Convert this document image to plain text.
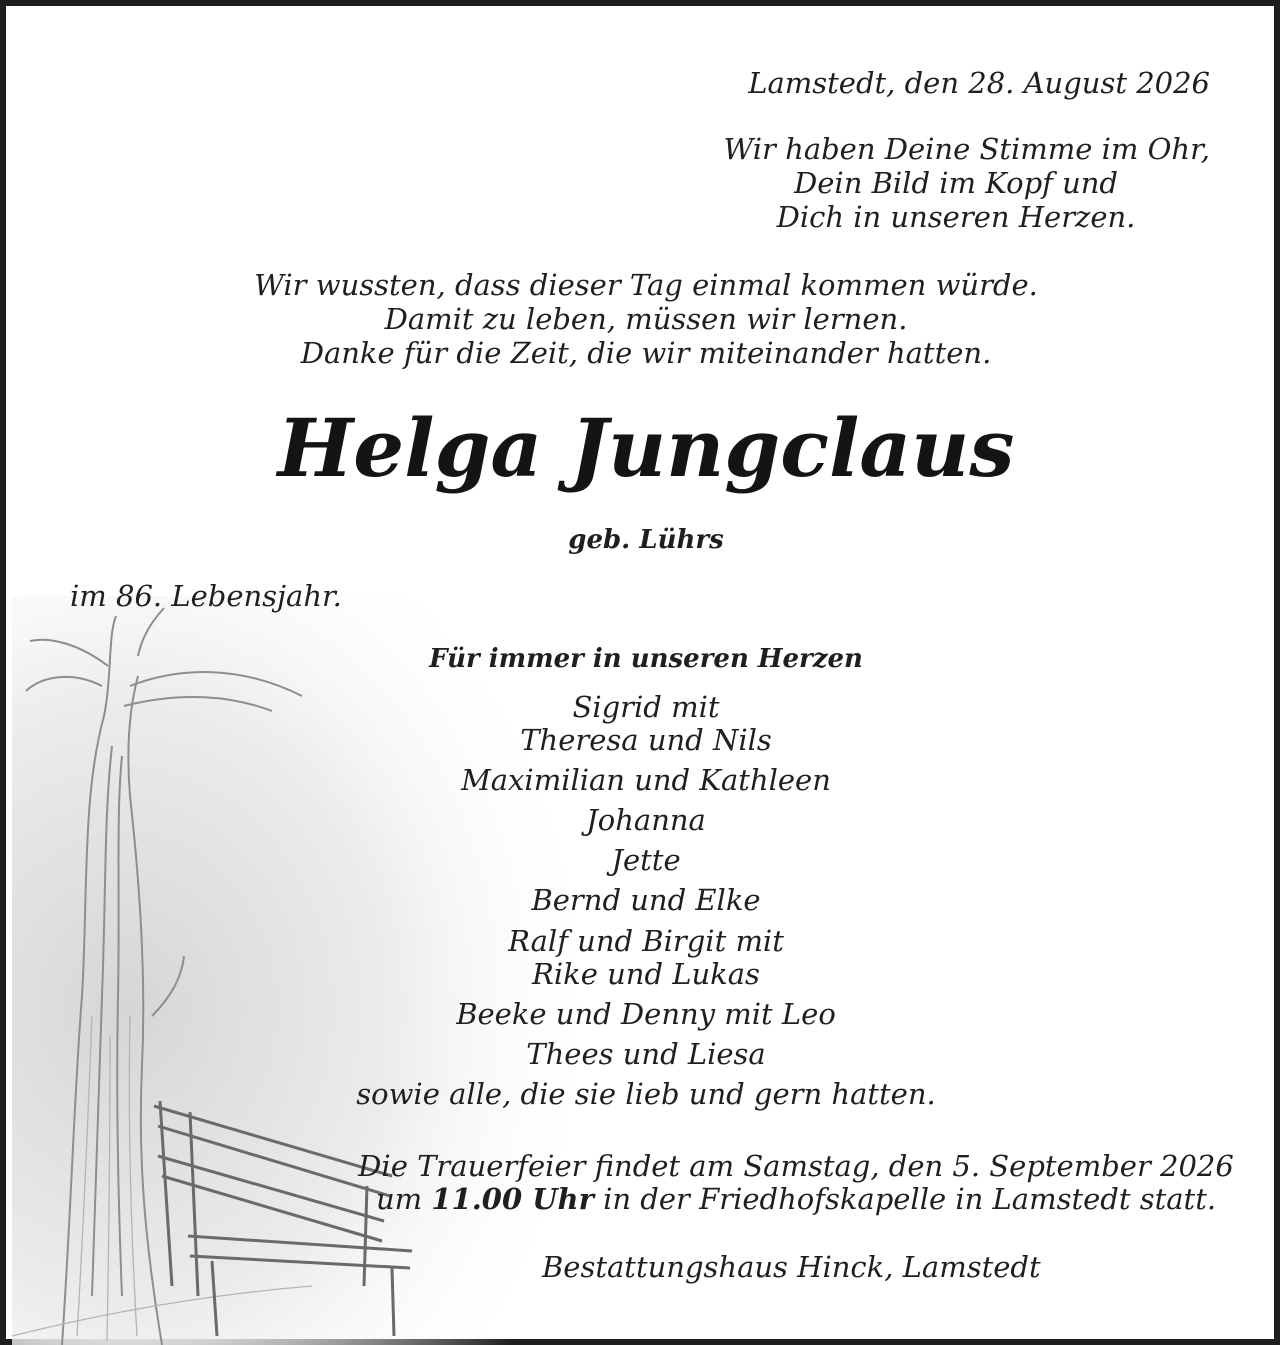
Lamstedt, den 28. August 2026
Wir haben Deine Stimme im Ohr,
Dein Bild im Kopf und
Dich in unseren Herzen.
Wir wussten, dass dieser Tag einmal kommen würde.
Damit zu leben, müssen wir lernen.
Danke für die Zeit, die wir miteinander hatten.
Helga Jungclaus
geb. Lührs
im 86. Lebensjahr.
Für immer in unseren Herzen
Sigrid mit
Theresa und Nils
Maximilian und Kathleen
Johanna
Jette
Bernd und Elke
Ralf und Birgit mit
Rike und Lukas
Beeke und Denny mit Leo
Thees und Liesa
sowie alle, die sie lieb und gern hatten.
Die Trauerfeier findet am Samstag, den 5. September 2026
um 11.00 Uhr in der Friedhofskapelle in Lamstedt statt.
Bestattungshaus Hinck, Lamstedt
